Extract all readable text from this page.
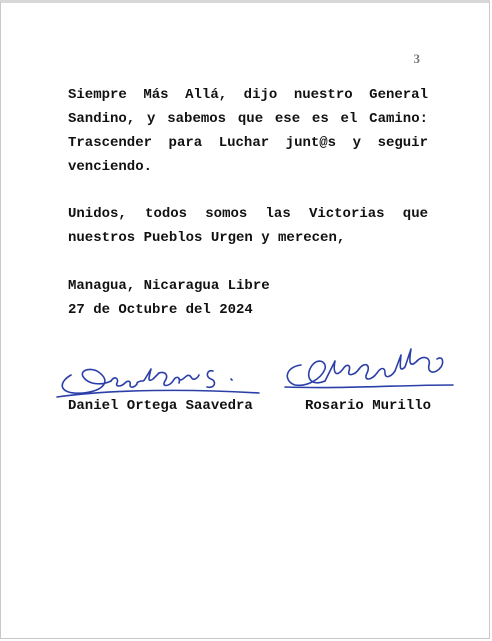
3
Siempre Más Allá, dijo nuestro General
Sandino, y sabemos que ese es el Camino:
Trascender para Luchar junt@s y seguir
venciendo.
Unidos, todos somos las Victorias que
nuestros Pueblos Urgen y merecen,
Managua, Nicaragua Libre
27 de Octubre del 2024
Daniel Ortega Saavedra	Rosario Murillo
